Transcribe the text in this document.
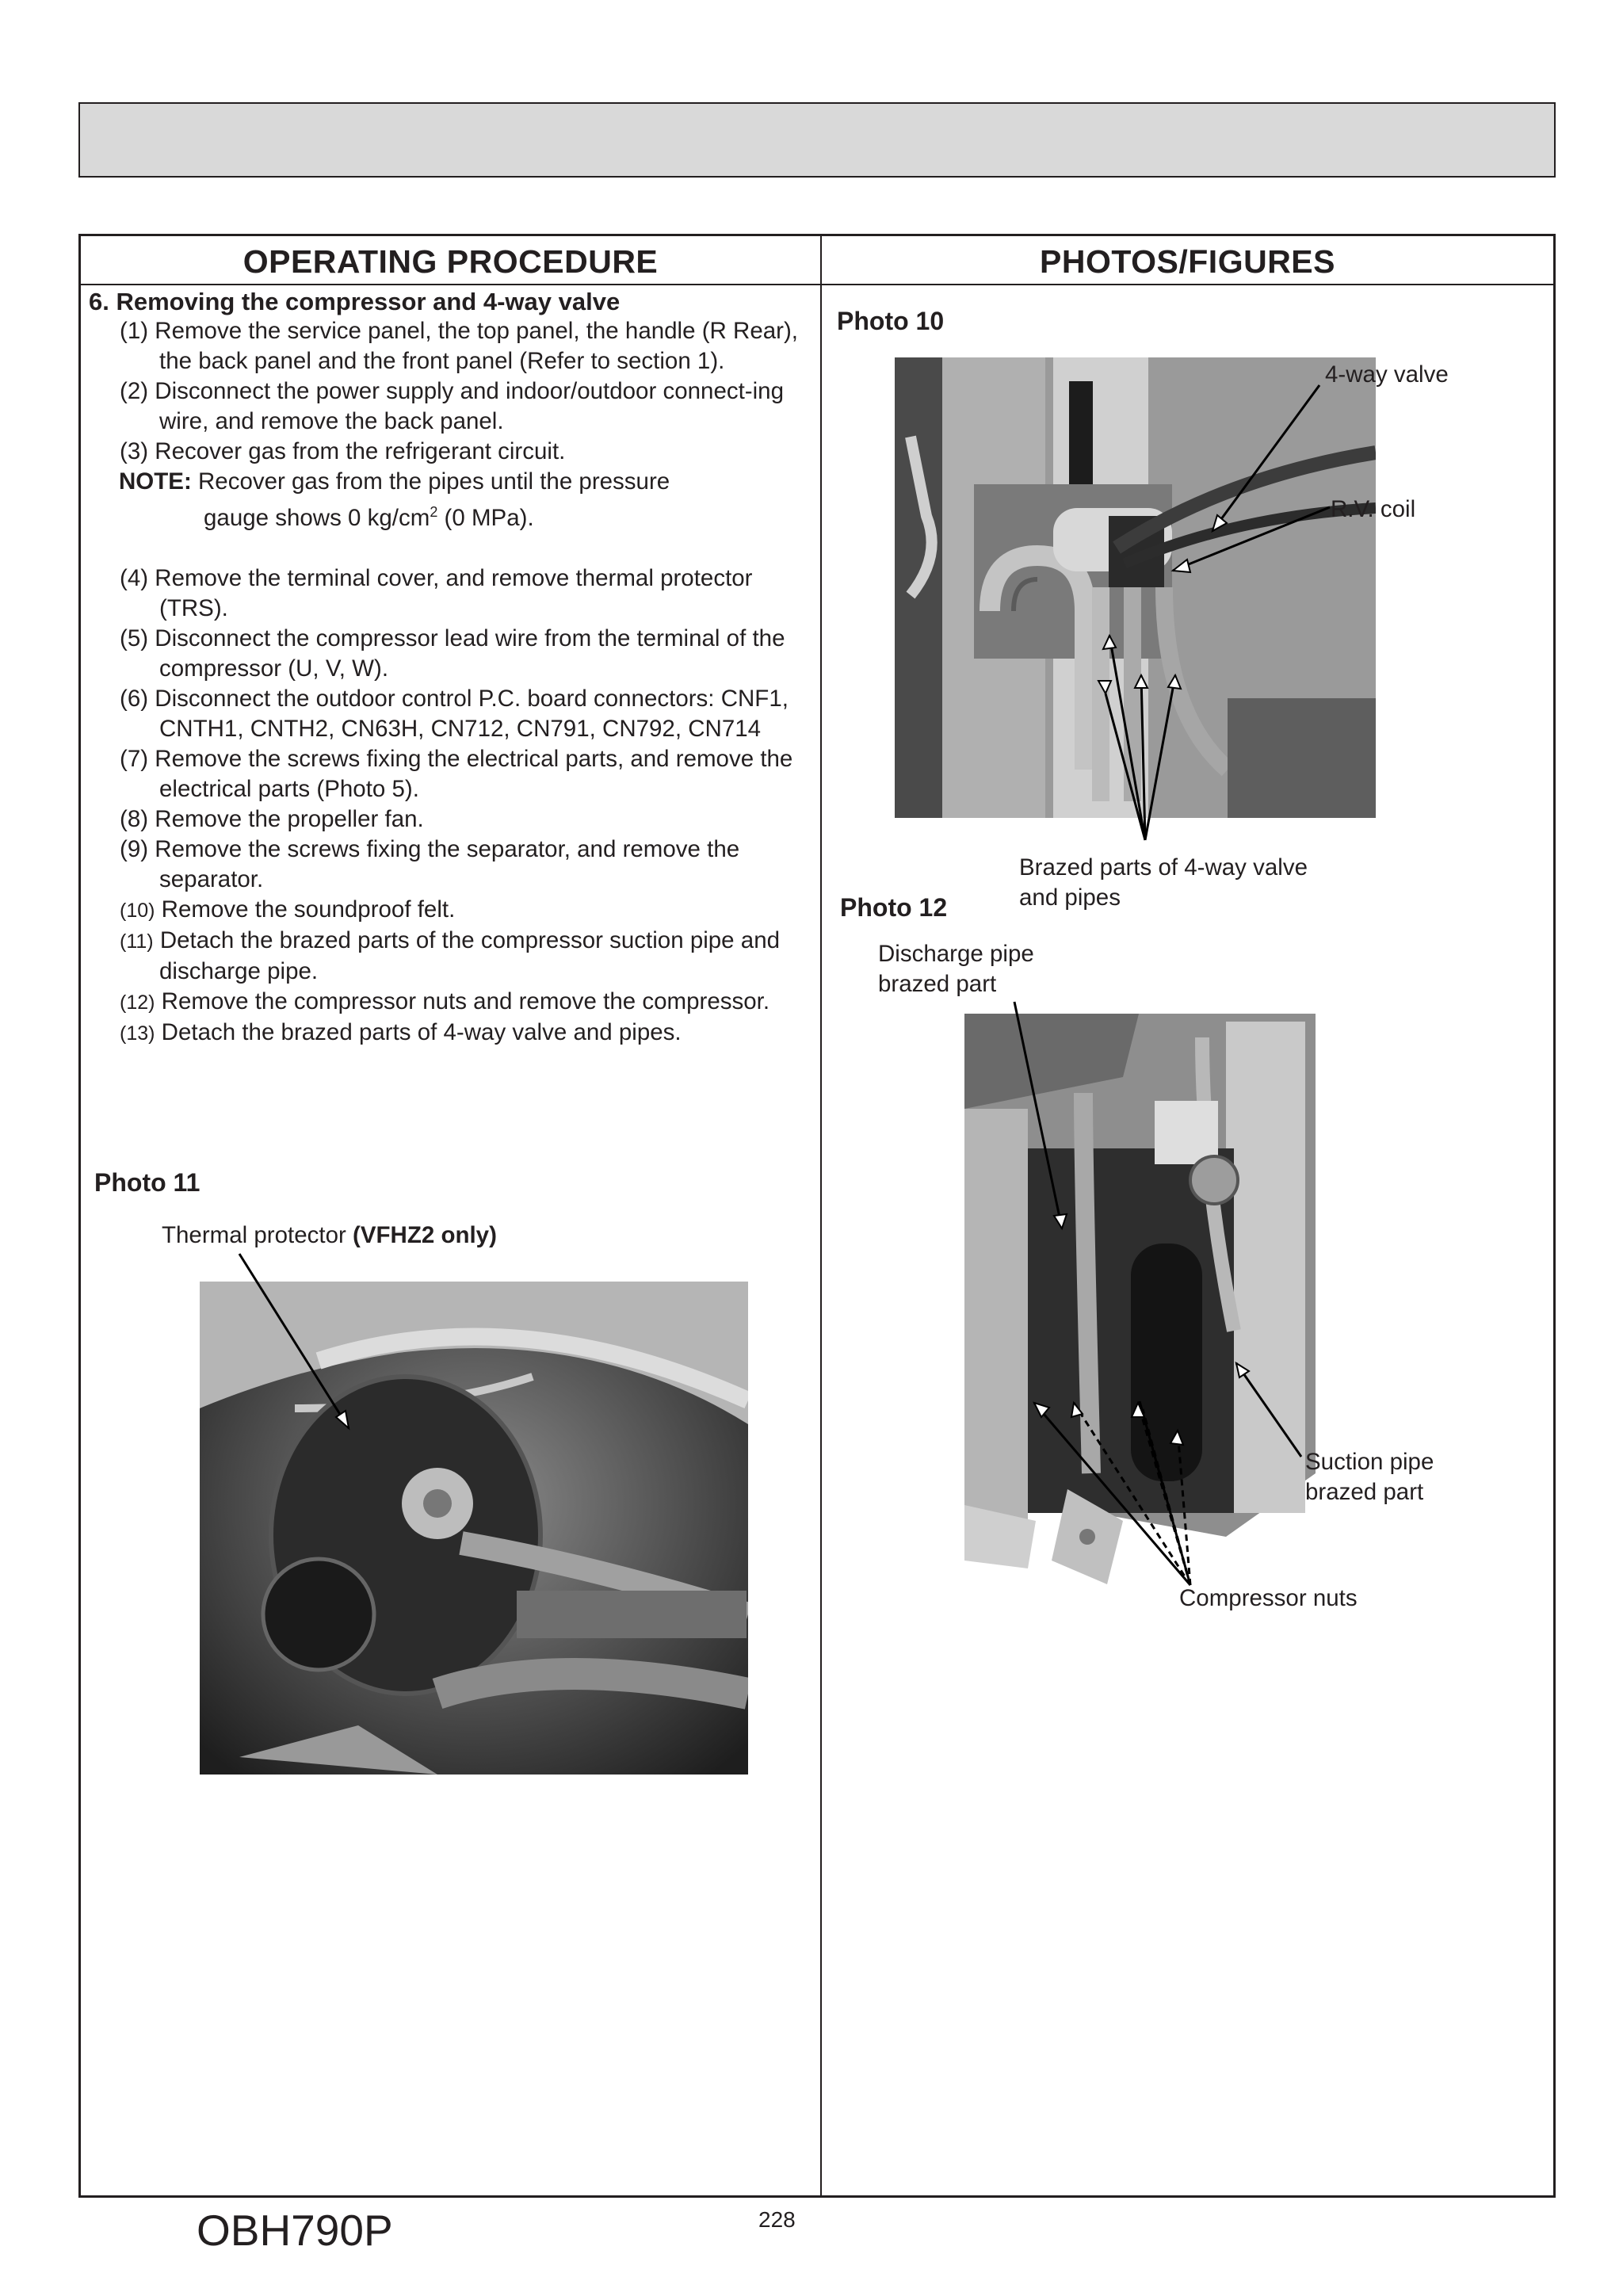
OPERATING PROCEDURE	PHOTOS/FIGURES
6. Removing the compressor and 4-way valve
(1) Remove the service panel, the top panel, the handle (R Rear), the back panel and the front panel (Refer to section 1).
(2) Disconnect the power supply and indoor/outdoor connect-ing wire, and remove the back panel.
(3) Recover gas from the refrigerant circuit.
NOTE: Recover gas from the pipes until the pressure
gauge shows 0 $kg/cm^2$ (0 MPa).
(4) Remove the terminal cover, and remove thermal protector (TRS).
(5) Disconnect the compressor lead wire from the terminal of the compressor (U, V, W).
(6) Disconnect the outdoor control P.C. board connectors: CNF1, CNTH1, CNTH2, CN63H, CN712, CN791, CN792, CN714
(7) Remove the screws fixing the electrical parts, and remove the electrical parts (Photo 5).
(8) Remove the propeller fan.
(9) Remove the screws fixing the separator, and remove the separator.
(10) Remove the soundproof felt.
(11) Detach the brazed parts of the compressor suction pipe and discharge pipe.
(12) Remove the compressor nuts and remove the compressor.
(13) Detach the brazed parts of 4-way valve and pipes.
Photo 11
Thermal protector (VFHZ2 only)
Photo 10
4-way valve
R.V. coil
Brazed parts of 4-way valve
and pipes
Photo 12
Discharge pipe
brazed part
Suction pipe
brazed part
Compressor nuts
OBH790P	228
